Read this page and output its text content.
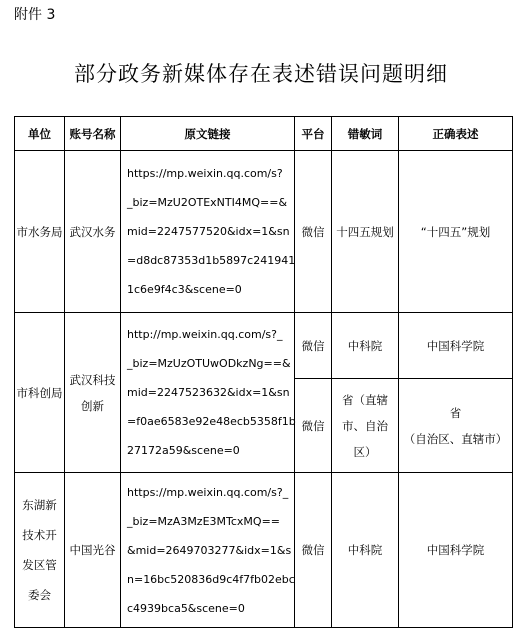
附件 3
部分政务新媒体存在表述错误问题明细
单位	账号名称	原文链接	平台	错敏词	正确表述
市水务局	武汉水务	https://mp.weixin.qq.com/s?
_biz=MzU2OTExNTI4MQ==&
mid=2247577520&idx=1&sn
=d8dc87353d1b5897c241941
1c6e9f4c3&scene=0	微信	十四五规划	“十四五”规划
市科创局	武汉科技创新	http://mp.weixin.qq.com/s?_
_biz=MzUzOTUwODkzNg==&
mid=2247523632&idx=1&sn
=f0ae6583e92e48ecb5358f1b
27172a59&scene=0	微信	中科院	中国科学院
			微信	省（直辖市、自治区）	省
（自治区、直辖市）

东湖新技术开发区管委会	中国光谷	https://mp.weixin.qq.com/s?_
_biz=MzA3MzE3MTcxMQ==
&mid=2649703277&idx=1&s
n=16bc520836d9c4f7fb02ebc
c4939bca5&scene=0	微信	中科院	中国科学院
